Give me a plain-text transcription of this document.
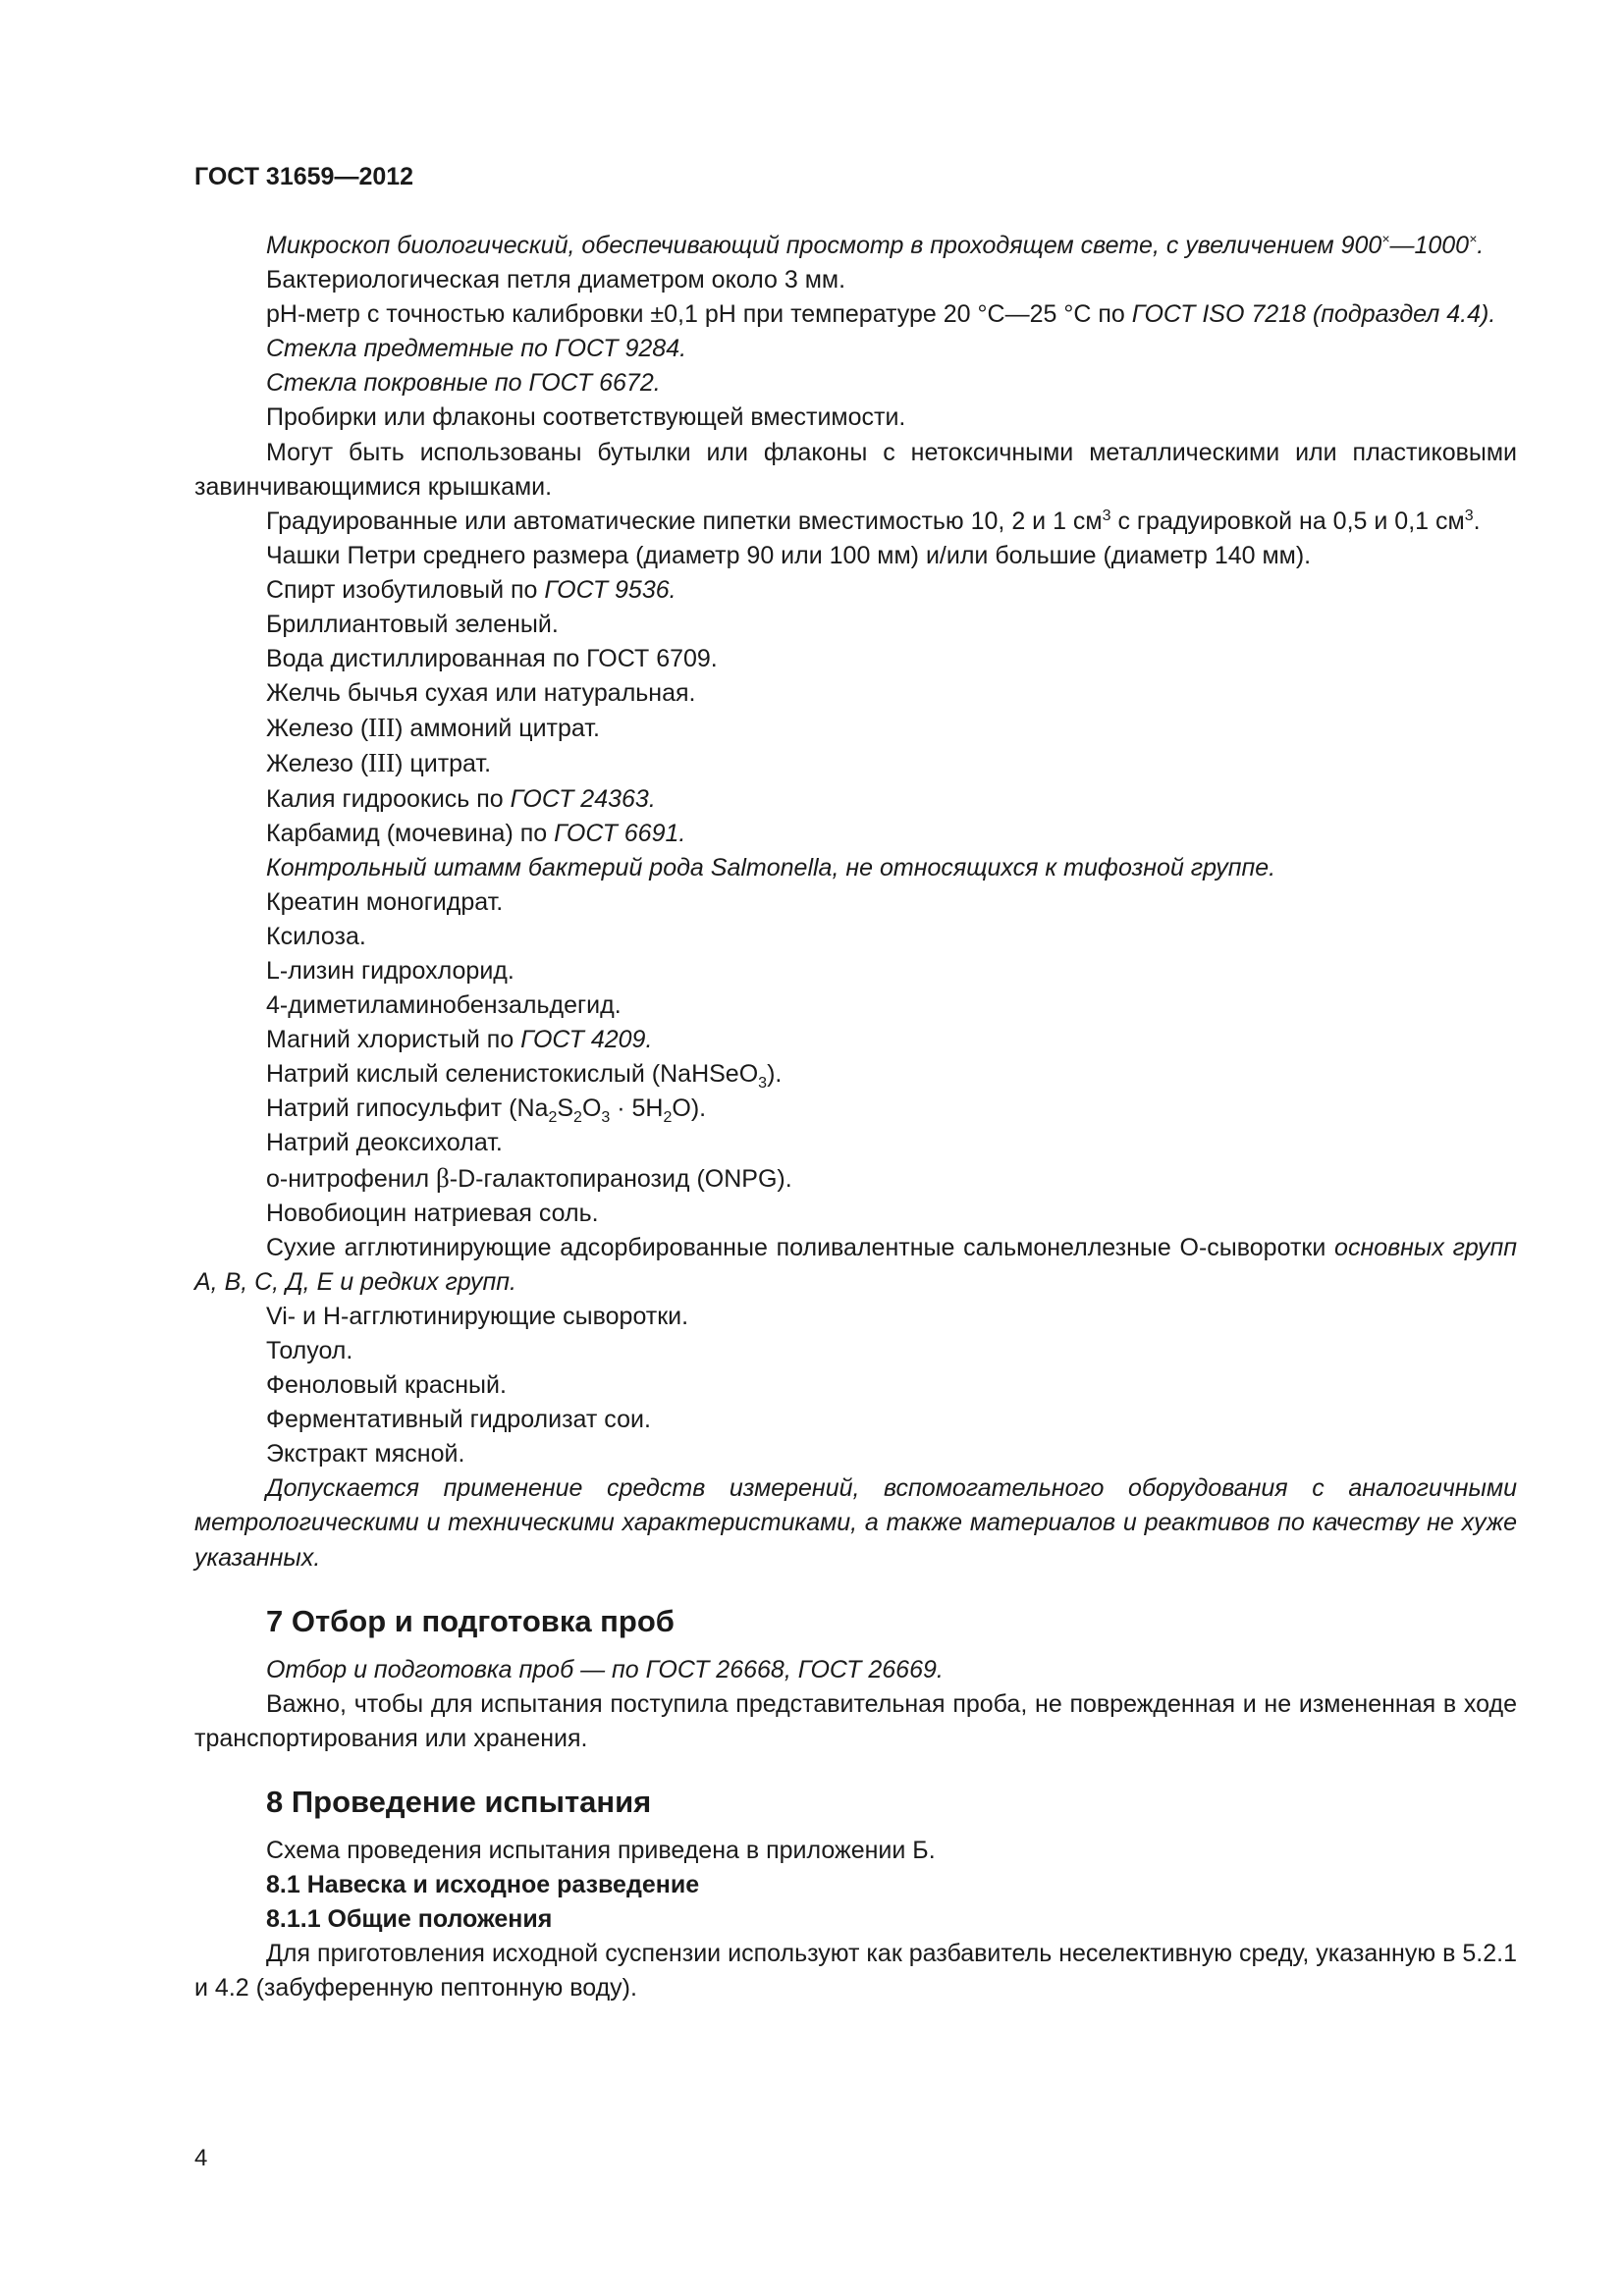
ГОСТ 31659—2012

Микроскоп биологический, обеспечивающий просмотр в проходящем свете, с увеличением 900×—1000×.

Бактериологическая петля диаметром около 3 мм.

pH-метр с точностью калибровки ±0,1 pH при температуре 20 °С—25 °С по ГОСТ ISO 7218 (подраздел 4.4).

Стекла предметные по ГОСТ 9284.

Стекла покровные по ГОСТ 6672.

Пробирки или флаконы соответствующей вместимости.

Могут быть использованы бутылки или флаконы с нетоксичными металлическими или пластиковыми завинчивающимися крышками.

Градуированные или автоматические пипетки вместимостью 10, 2 и 1 $см^3$ с градуировкой на 0,5 и 0,1 $см^3$.

Чашки Петри среднего размера (диаметр 90 или 100 мм) и/или большие (диаметр 140 мм).

Спирт изобутиловый по ГОСТ 9536.

Бриллиантовый зеленый.

Вода дистиллированная по ГОСТ 6709.

Желчь бычья сухая или натуральная.

Железо (III) аммоний цитрат.

Железо (III) цитрат.

Калия гидроокись по ГОСТ 24363.

Карбамид (мочевина) по ГОСТ 6691.

Контрольный штамм бактерий рода Salmonella, не относящихся к тифозной группе.

Креатин моногидрат.

Ксилоза.

L-лизин гидрохлорид.

4-диметиламинобензальдегид.

Магний хлористый по ГОСТ 4209.

Натрий кислый селенистокислый (NaHSeO$_3$).

Натрий гипосульфит $(Na_2S_2O_3 \cdot 5H_2O)$.

Натрий деоксихолат.

о-нитрофенил β-D-галактопиранозид (ONPG).

Новобиоцин натриевая соль.

Сухие агглютинирующие адсорбированные поливалентные сальмонеллезные О-сыворотки основных групп А, В, С, Д, Е и редких групп.

Vi- и Н-агглютинирующие сыворотки.

Толуол.

Феноловый красный.

Ферментативный гидролизат сои.

Экстракт мясной.

Допускается применение средств измерений, вспомогательного оборудования с аналогичными метрологическими и техническими характеристиками, а также материалов и реактивов по качеству не хуже указанных.

7 Отбор и подготовка проб

Отбор и подготовка проб — по ГОСТ 26668, ГОСТ 26669.

Важно, чтобы для испытания поступила представительная проба, не поврежденная и не измененная в ходе транспортирования или хранения.

8 Проведение испытания

Схема проведения испытания приведена в приложении Б.

8.1 Навеска и исходное разведение
8.1.1 Общие положения

Для приготовления исходной суспензии используют как разбавитель неселективную среду, указанную в 5.2.1 и 4.2 (забуференную пептонную воду).

4
